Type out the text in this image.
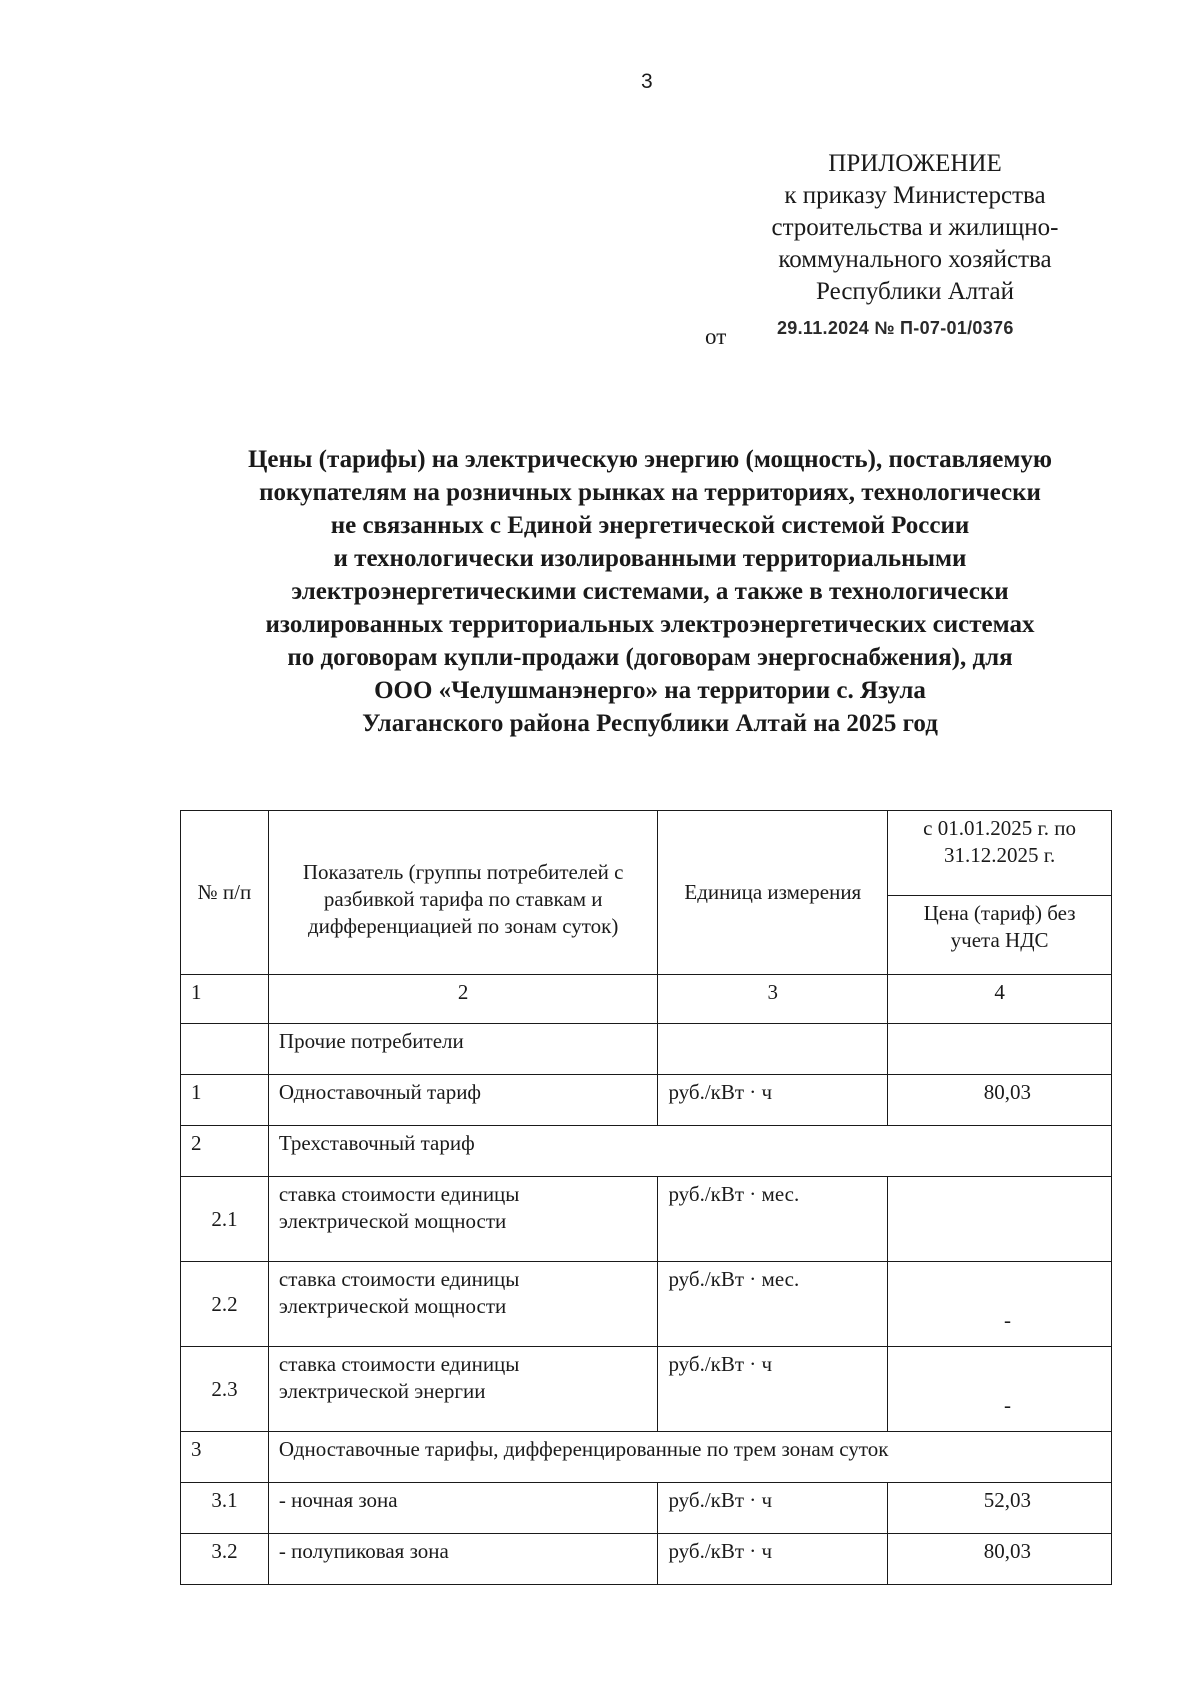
3
ПРИЛОЖЕНИЕ
к приказу Министерства
строительства и жилищно-
коммунального хозяйства
Республики Алтай
от	29.11.2024 № П-07-01/0376
Цены (тарифы) на электрическую энергию (мощность), поставляемую
покупателям на розничных рынках на территориях, технологически
не связанных с Единой энергетической системой России
и технологически изолированными территориальными
электроэнергетическими системами, а также в технологически
изолированных территориальных электроэнергетических системах
по договорам купли-продажи (договорам энергоснабжения), для
ООО «Челушманэнерго» на территории с. Язула
Улаганского района Республики Алтай на 2025 год
№ п/п	Показатель (группы потребителей с разбивкой тарифа по ставкам и дифференциацией по зонам суток)	Единица измерения	с 01.01.2025 г. по 31.12.2025 г.
			Цена (тариф) без учета НДС
1	2	3	4
	Прочие потребители		
1	Одноставочный тариф	руб./кВт · ч	80,03
2	Трехставочный тариф		
2.1	ставка стоимости единицы электрической мощности	руб./кВт · мес.	
2.2	ставка стоимости единицы электрической мощности	руб./кВт · мес.	-
2.3	ставка стоимости единицы электрической энергии	руб./кВт · ч	-
3	Одноставочные тарифы, дифференцированные по трем зонам суток		
3.1	- ночная зона	руб./кВт · ч	52,03
3.2	- полупиковая зона	руб./кВт · ч	80,03
